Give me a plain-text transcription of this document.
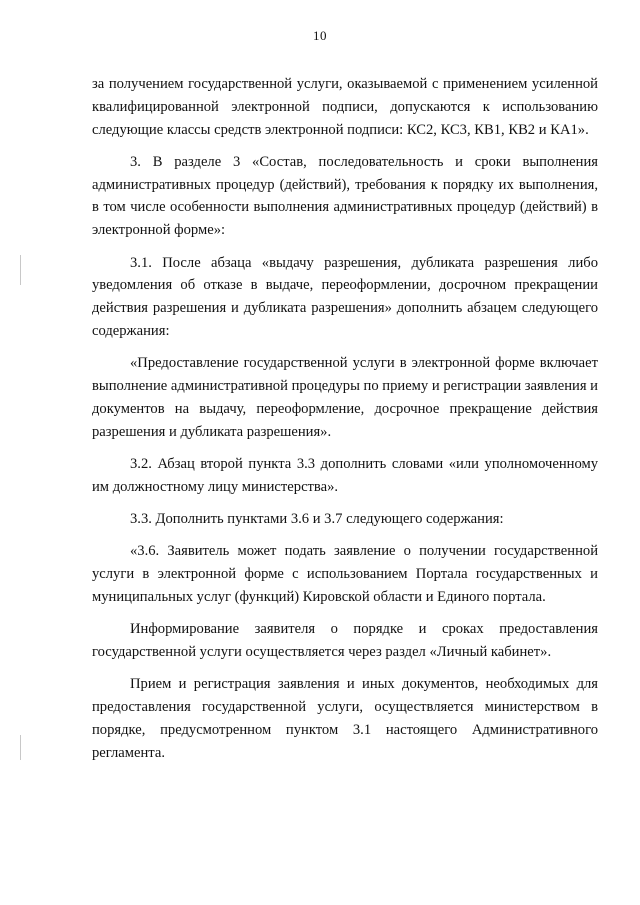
10

за получением государственной услуги, оказываемой с применением усиленной квалифицированной электронной подписи, допускаются к использованию следующие классы средств электронной подписи: КС2, КС3, КВ1, КВ2 и КА1».

3. В разделе 3 «Состав, последовательность и сроки выполнения административных процедур (действий), требования к порядку их выполнения, в том числе особенности выполнения административных процедур (действий) в электронной форме»:

3.1. После абзаца «выдачу разрешения, дубликата разрешения либо уведомления об отказе в выдаче, переоформлении, досрочном прекращении действия разрешения и дубликата разрешения» дополнить абзацем следующего содержания:

«Предоставление государственной услуги в электронной форме включает выполнение административной процедуры по приему и регистрации заявления и документов на выдачу, переоформление, досрочное прекращение действия разрешения и дубликата разрешения».

3.2. Абзац второй пункта 3.3 дополнить словами «или уполномоченному им должностному лицу министерства».

3.3. Дополнить пунктами 3.6 и 3.7 следующего содержания:

«3.6. Заявитель может подать заявление о получении государственной услуги в электронной форме с использованием Портала государственных и муниципальных услуг (функций) Кировской области и Единого портала.

Информирование заявителя о порядке и сроках предоставления государственной услуги осуществляется через раздел «Личный кабинет».

Прием и регистрация заявления и иных документов, необходимых для предоставления государственной услуги, осуществляется министерством в порядке, предусмотренном пунктом 3.1 настоящего Административного регламента.
